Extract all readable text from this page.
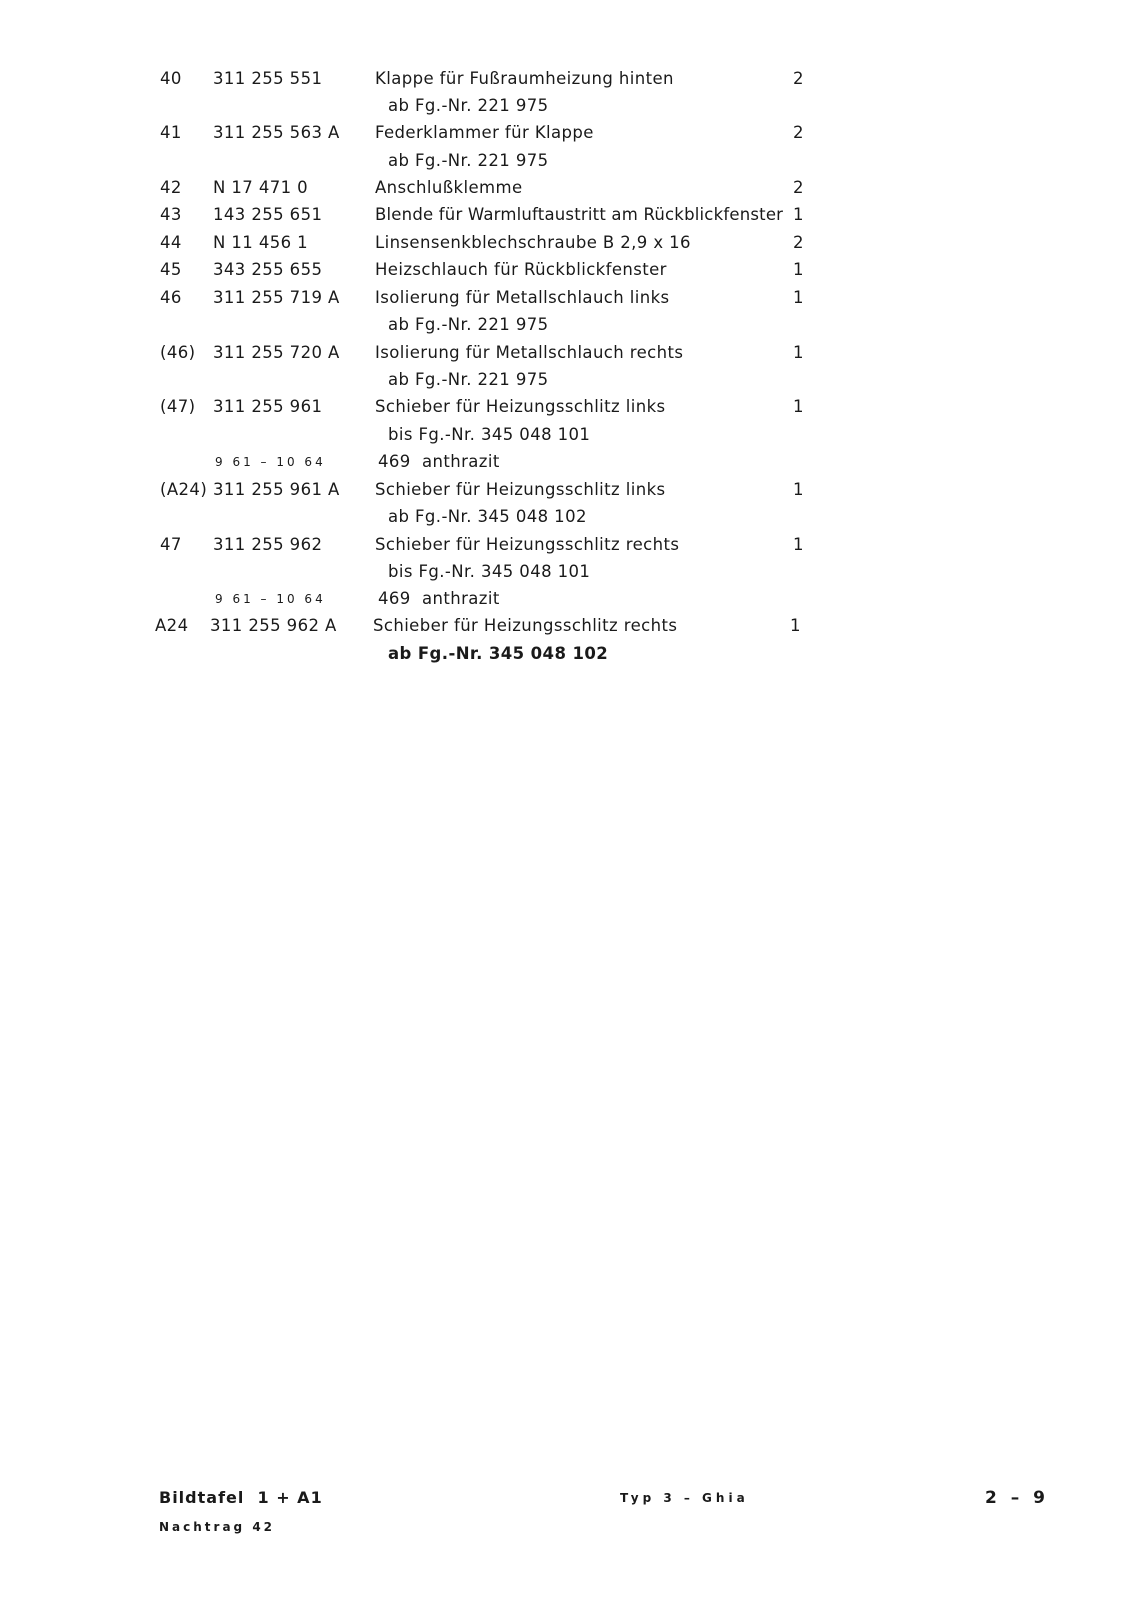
40 311 255 551	Klappe für Fußraumheizung hinten	2
ab Fg.-Nr. 221 975
41 311 255 563 A Federklammer für Klappe	2
ab Fg.-Nr. 221 975
42 N 17 471 0	Anschlußklemme	2
43 143 255 651	Blende für Warmluftaustritt am Rückblickfenster 1
44 N 11 456 1	Linsensenkblechschraube B 2,9 x 16	2
45 343 255 655	Heizschlauch für Rückblickfenster	1
46 311 255 719 A Isolierung für Metallschlauch links	1
ab Fg.-Nr. 221 975
(46) 311 255 720 A Isolierung für Metallschlauch rechts	1
ab Fg.-Nr. 221 975
(47) 311 255 961	Schieber für Heizungsschlitz links	1
bis Fg.-Nr. 345 048 101
9 61 – 10 64	469  anthrazit
(A24) 311 255 961 A Schieber für Heizungsschlitz links	1
ab Fg.-Nr. 345 048 102
47 311 255 962	Schieber für Heizungsschlitz rechts	1
bis Fg.-Nr. 345 048 101
9 61 – 10 64	469  anthrazit
A24 311 255 962 A Schieber für Heizungsschlitz rechts	1
ab Fg.-Nr. 345 048 102
Bildtafel  1 + A1
Nachtrag 42
Typ 3 – Ghia	2 – 9
